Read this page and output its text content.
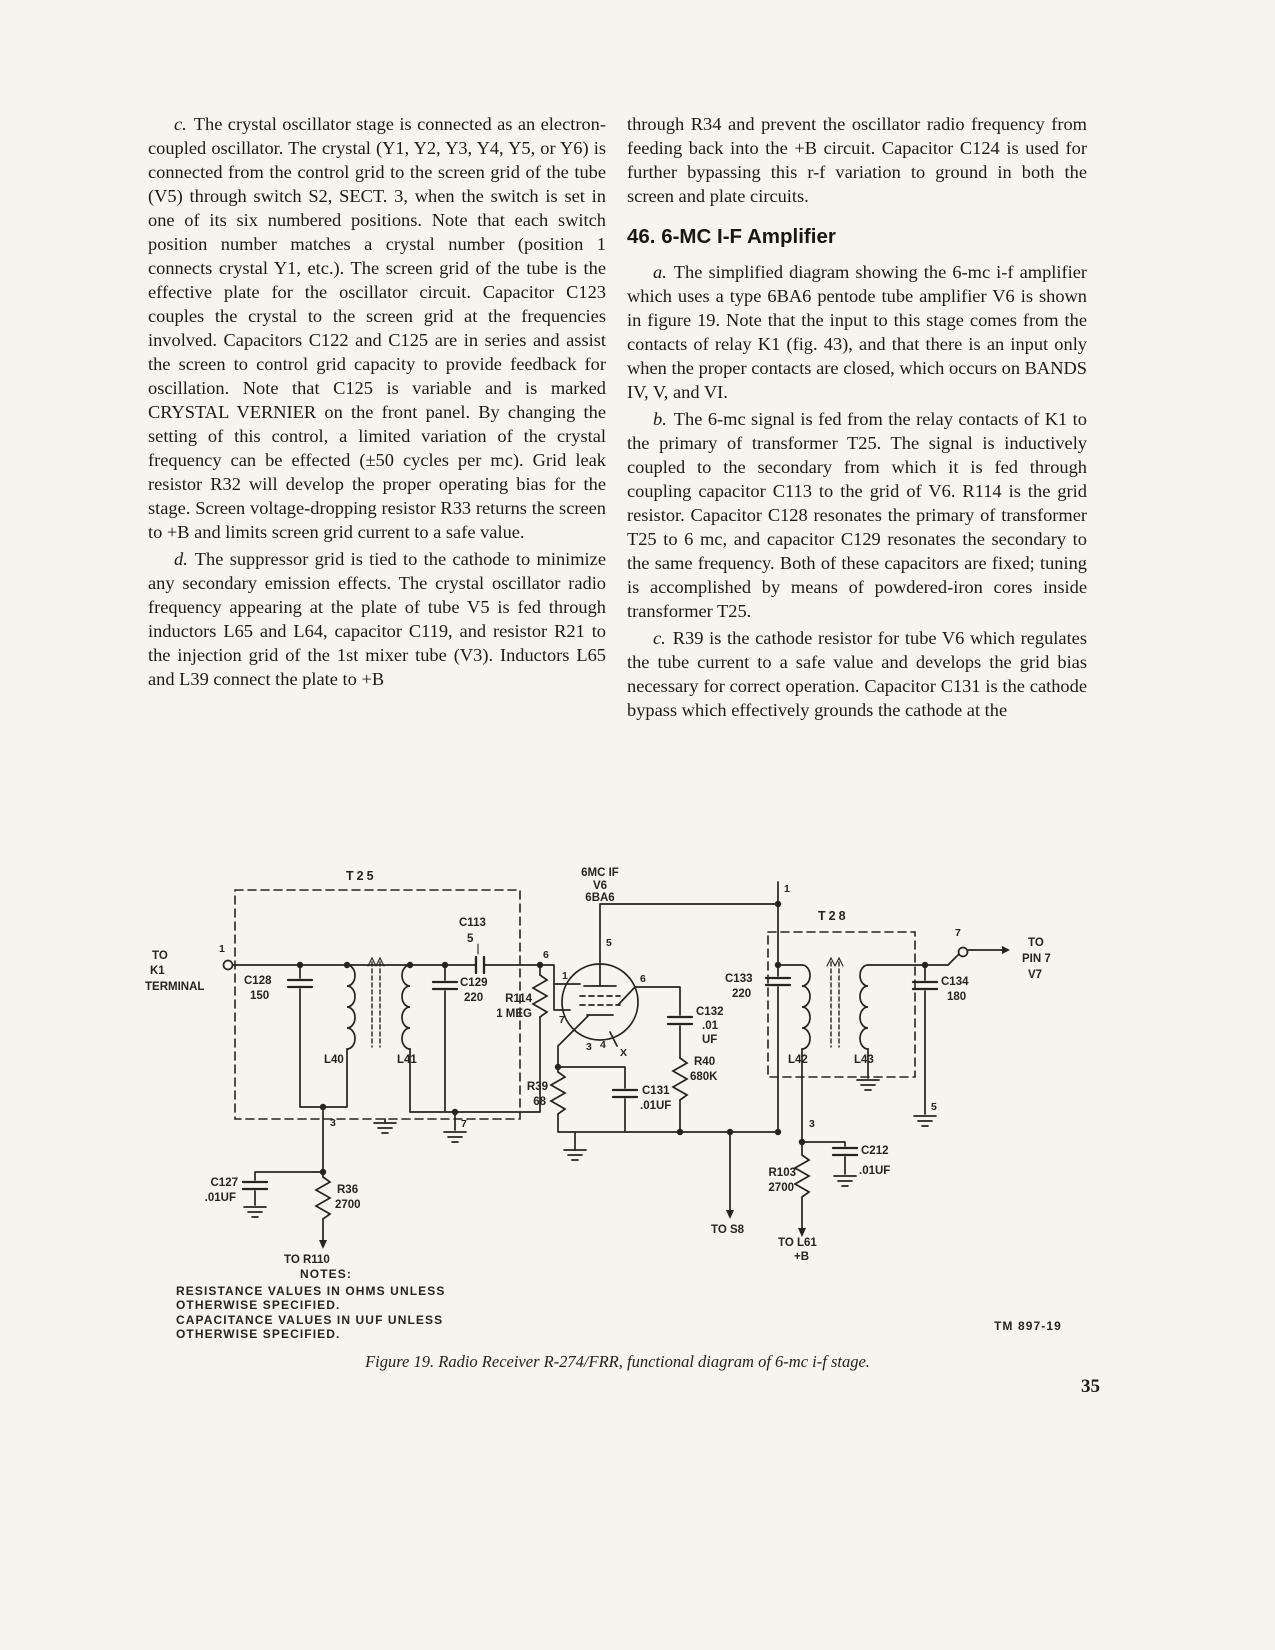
c. The crystal oscillator stage is connected as an electron-coupled oscillator. The crystal (Y1, Y2, Y3, Y4, Y5, or Y6) is connected from the control grid to the screen grid of the tube (V5) through switch S2, SECT. 3, when the switch is set in one of its six numbered positions. Note that each switch position number matches a crystal number (position 1 connects crystal Y1, etc.). The screen grid of the tube is the effective plate for the oscillator circuit. Capacitor C123 couples the crystal to the screen grid at the frequencies involved. Capacitors C122 and C125 are in series and assist the screen to control grid capacity to provide feedback for oscillation. Note that C125 is variable and is marked CRYSTAL VERNIER on the front panel. By changing the setting of this control, a limited variation of the crystal frequency can be effected (±50 cycles per mc). Grid leak resistor R32 will develop the proper operating bias for the stage. Screen voltage-dropping resistor R33 returns the screen to +B and limits screen grid current to a safe value.

d. The suppressor grid is tied to the cathode to minimize any secondary emission effects. The crystal oscillator radio frequency appearing at the plate of tube V5 is fed through inductors L65 and L64, capacitor C119, and resistor R21 to the injection grid of the 1st mixer tube (V3). Inductors L65 and L39 connect the plate to +B

through R34 and prevent the oscillator radio frequency from feeding back into the +B circuit. Capacitor C124 is used for further bypassing this r-f variation to ground in both the screen and plate circuits.

46. 6-MC I-F Amplifier

a. The simplified diagram showing the 6-mc i-f amplifier which uses a type 6BA6 pentode tube amplifier V6 is shown in figure 19. Note that the input to this stage comes from the contacts of relay K1 (fig. 43), and that there is an input only when the proper contacts are closed, which occurs on BANDS IV, V, and VI.

b. The 6-mc signal is fed from the relay contacts of K1 to the primary of transformer T25. The signal is inductively coupled to the secondary from which it is fed through coupling capacitor C113 to the grid of V6. R114 is the grid resistor. Capacitor C128 resonates the primary of transformer T25 to 6 mc, and capacitor C129 resonates the secondary to the same frequency. Both of these capacitors are fixed; tuning is accomplished by means of powdered-iron cores inside transformer T25.

c. R39 is the cathode resistor for tube V6 which regulates the tube current to a safe value and develops the grid bias necessary for correct operation. Capacitor C131 is the cathode bypass which effectively grounds the cathode at the

TO
K1
TERMINAL
1
T25
T28
C128
150
L40	L41
C113
5
C129
220 R114
1 MEG
6
1
7
5
6
3 4
X
6MC IF
V6
6BA6
R39
68
C131
.01UF
C132
.01
UF
R40
680K
1
C133
220
L42	L43
C134
180
5
7
TO
PIN 7
V7
3	7
C127
.01UF
R36
2700
TO R110
3
R103
2700
C212
.01UF
TO S8
TO L61
+B
NOTES:
RESISTANCE VALUES IN OHMS UNLESS
OTHERWISE SPECIFIED.
CAPACITANCE VALUES IN UUF UNLESS
OTHERWISE SPECIFIED.
TM 897-19
Figure 19. Radio Receiver R-274/FRR, functional diagram of 6-mc i-f stage.
35
